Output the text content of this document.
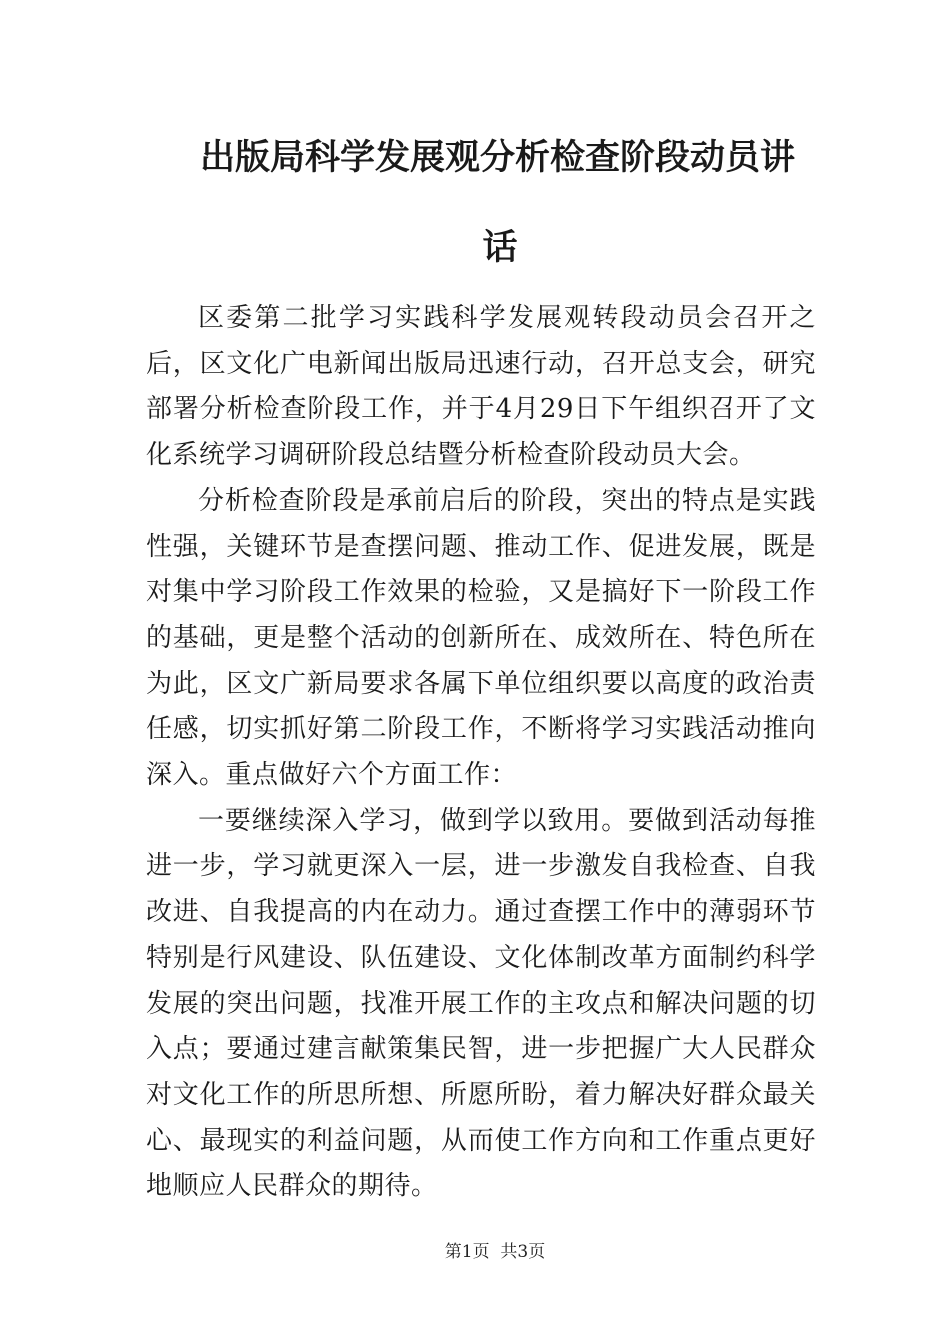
出版局科学发展观分析检查阶段动员讲
话

区委第二批学习实践科学发展观转段动员会召开之后，区文化广电新闻出版局迅速行动，召开总支会，研究部署分析检查阶段工作，并于4月29日下午组织召开了文化系统学习调研阶段总结暨分析检查阶段动员大会。

分析检查阶段是承前启后的阶段，突出的特点是实践性强，关键环节是查摆问题、推动工作、促进发展，既是对集中学习阶段工作效果的检验，又是搞好下一阶段工作的基础，更是整个活动的创新所在、成效所在、特色所在为此，区文广新局要求各属下单位组织要以高度的政治责任感，切实抓好第二阶段工作，不断将学习实践活动推向深入。重点做好六个方面工作：

一要继续深入学习，做到学以致用。要做到活动每推进一步，学习就更深入一层，进一步激发自我检查、自我改进、自我提高的内在动力。通过查摆工作中的薄弱环节特别是行风建设、队伍建设、文化体制改革方面制约科学发展的突出问题，找准开展工作的主攻点和解决问题的切入点；要通过建言献策集民智，进一步把握广大人民群众对文化工作的所思所想、所愿所盼，着力解决好群众最关心、最现实的利益问题，从而使工作方向和工作重点更好地顺应人民群众的期待。

第1页  共3页
